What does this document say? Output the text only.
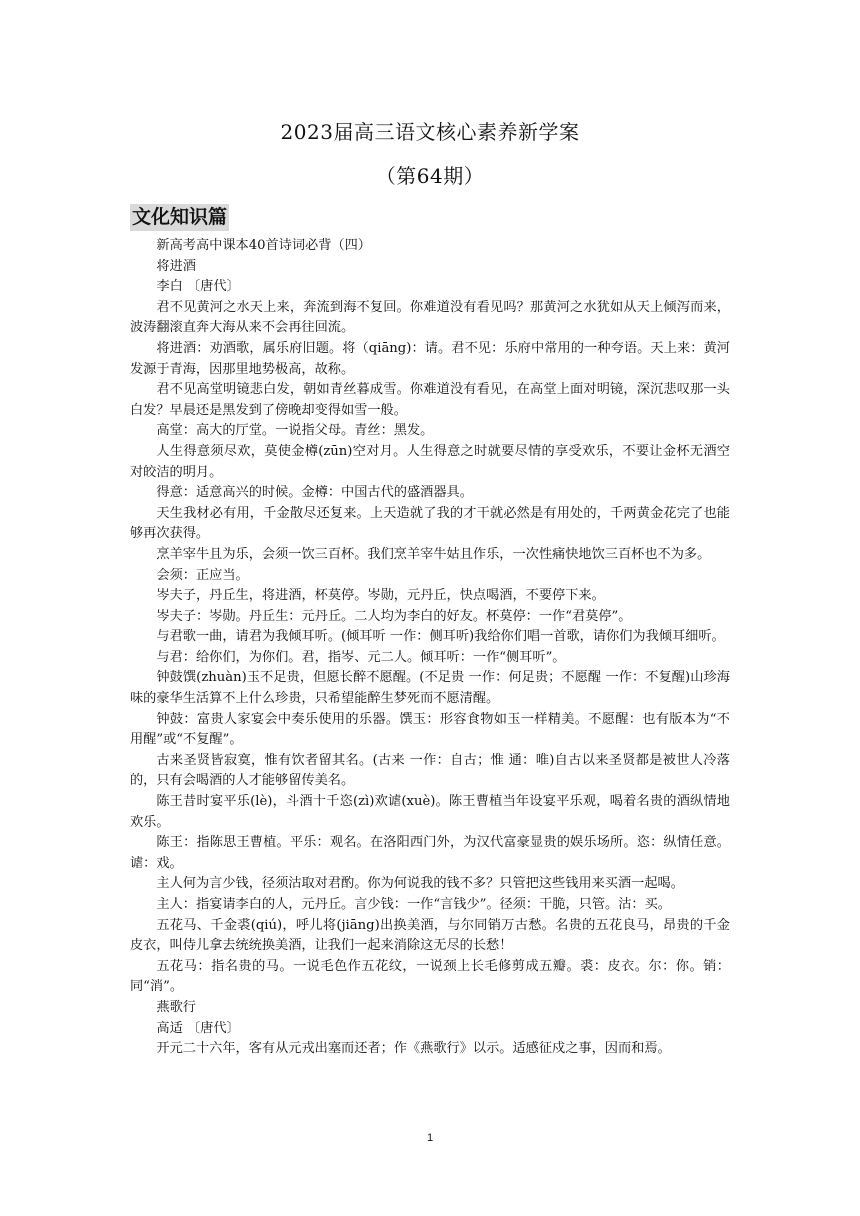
2023届高三语文核心素养新学案
（第64期）
文化知识篇

新高考高中课本40首诗词必背（四）

将进酒

李白 〔唐代〕

君不见黄河之水天上来，奔流到海不复回。你难道没有看见吗？那黄河之水犹如从天上倾泻而来，波涛翻滚直奔大海从来不会再往回流。

将进酒：劝酒歌，属乐府旧题。将（qiāng)：请。君不见：乐府中常用的一种夸语。天上来：黄河发源于青海，因那里地势极高，故称。

君不见高堂明镜悲白发，朝如青丝暮成雪。你难道没有看见，在高堂上面对明镜，深沉悲叹那一头白发？早晨还是黑发到了傍晚却变得如雪一般。

高堂：高大的厅堂。一说指父母。青丝：黑发。

人生得意须尽欢，莫使金樽(zūn)空对月。人生得意之时就要尽情的享受欢乐，不要让金杯无酒空对皎洁的明月。

得意：适意高兴的时候。金樽：中国古代的盛酒器具。

天生我材必有用，千金散尽还复来。上天造就了我的才干就必然是有用处的，千两黄金花完了也能够再次获得。

烹羊宰牛且为乐，会须一饮三百杯。我们烹羊宰牛姑且作乐，一次性痛快地饮三百杯也不为多。

会须：正应当。

岑夫子，丹丘生，将进酒，杯莫停。岑勋，元丹丘，快点喝酒，不要停下来。

岑夫子：岑勋。丹丘生：元丹丘。二人均为李白的好友。杯莫停：一作“君莫停”。

与君歌一曲，请君为我倾耳听。(倾耳听 一作：侧耳听)我给你们唱一首歌，请你们为我倾耳细听。

与君：给你们，为你们。君，指岑、元二人。倾耳听：一作“侧耳听”。

钟鼓馔(zhuàn)玉不足贵，但愿长醉不愿醒。(不足贵 一作：何足贵；不愿醒 一作：不复醒)山珍海味的豪华生活算不上什么珍贵，只希望能醉生梦死而不愿清醒。

钟鼓：富贵人家宴会中奏乐使用的乐器。馔玉：形容食物如玉一样精美。不愿醒：也有版本为“不用醒”或“不复醒”。

古来圣贤皆寂寞，惟有饮者留其名。(古来 一作：自古；惟 通：唯)自古以来圣贤都是被世人冷落的，只有会喝酒的人才能够留传美名。

陈王昔时宴平乐(lè)，斗酒十千恣(zì)欢谑(xuè)。陈王曹植当年设宴平乐观，喝着名贵的酒纵情地欢乐。

陈王：指陈思王曹植。平乐：观名。在洛阳西门外，为汉代富豪显贵的娱乐场所。恣：纵情任意。谑：戏。

主人何为言少钱，径须沽取对君酌。你为何说我的钱不多？只管把这些钱用来买酒一起喝。

主人：指宴请李白的人，元丹丘。言少钱：一作“言钱少”。径须：干脆，只管。沽：买。

五花马、千金裘(qiú)，呼儿将(jiāng)出换美酒，与尔同销万古愁。名贵的五花良马，昂贵的千金皮衣，叫侍儿拿去统统换美酒，让我们一起来消除这无尽的长愁！

五花马：指名贵的马。一说毛色作五花纹，一说颈上长毛修剪成五瓣。裘：皮衣。尔：你。销：同“消”。

燕歌行

高适 〔唐代〕

开元二十六年，客有从元戎出塞而还者；作《燕歌行》以示。适感征戍之事，因而和焉。

1
